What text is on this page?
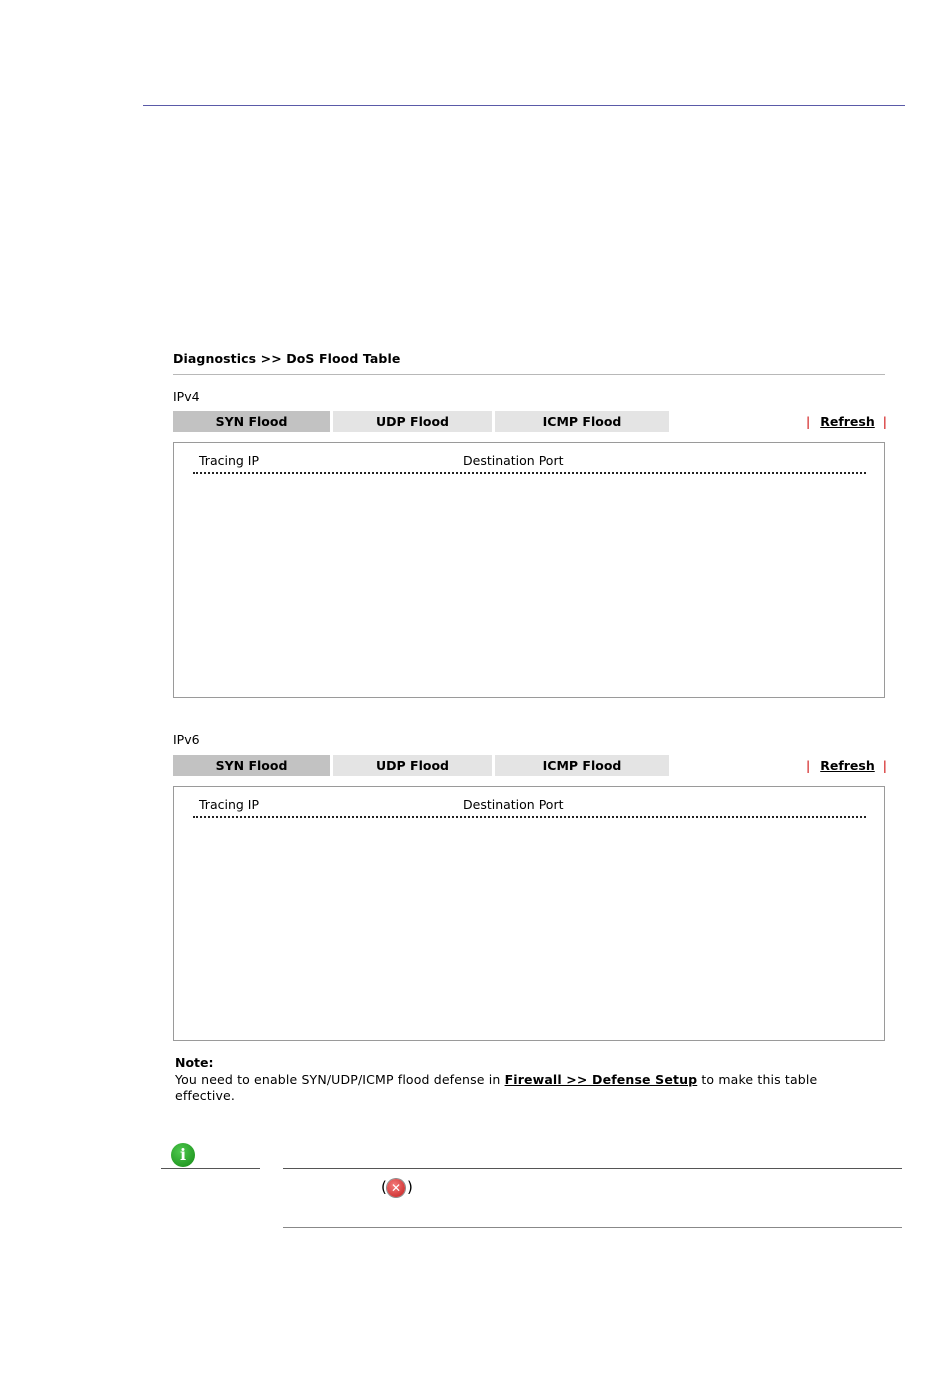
Diagnostics >> DoS Flood Table
IPv4
SYN Flood	UDP Flood	ICMP Flood	| Refresh |
Tracing IP	Destination Port
IPv6
SYN Flood	UDP Flood	ICMP Flood	| Refresh |
Tracing IP	Destination Port
Note:
You need to enable SYN/UDP/ICMP flood defense in Firewall >> Defense Setup to make this table effective.
i
( ✕ )
